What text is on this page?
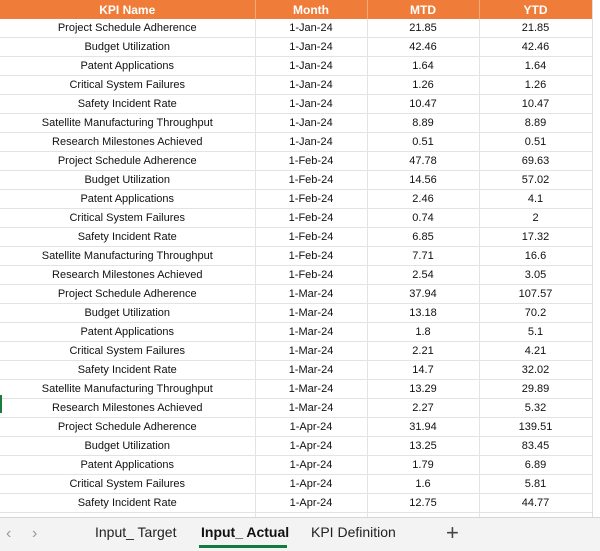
KPI Name	Month	MTD	YTD
Project Schedule Adherence	1-Jan-24	21.85	21.85
Budget Utilization	1-Jan-24	42.46	42.46
Patent Applications	1-Jan-24	1.64	1.64
Critical System Failures	1-Jan-24	1.26	1.26
Safety Incident Rate	1-Jan-24	10.47	10.47
Satellite Manufacturing Throughput	1-Jan-24	8.89	8.89
Research Milestones Achieved	1-Jan-24	0.51	0.51
Project Schedule Adherence	1-Feb-24	47.78	69.63
Budget Utilization	1-Feb-24	14.56	57.02
Patent Applications	1-Feb-24	2.46	4.1
Critical System Failures	1-Feb-24	0.74	2
Safety Incident Rate	1-Feb-24	6.85	17.32
Satellite Manufacturing Throughput	1-Feb-24	7.71	16.6
Research Milestones Achieved	1-Feb-24	2.54	3.05
Project Schedule Adherence	1-Mar-24	37.94	107.57
Budget Utilization	1-Mar-24	13.18	70.2
Patent Applications	1-Mar-24	1.8	5.1
Critical System Failures	1-Mar-24	2.21	4.21
Safety Incident Rate	1-Mar-24	14.7	32.02
Satellite Manufacturing Throughput	1-Mar-24	13.29	29.89
Research Milestones Achieved	1-Mar-24	2.27	5.32
Project Schedule Adherence	1-Apr-24	31.94	139.51
Budget Utilization	1-Apr-24	13.25	83.45
Patent Applications	1-Apr-24	1.79	6.89
Critical System Failures	1-Apr-24	1.6	5.81
Safety Incident Rate	1-Apr-24	12.75	44.77

‹ ›	Input_ Target Input_ Actual KPI Definition +
